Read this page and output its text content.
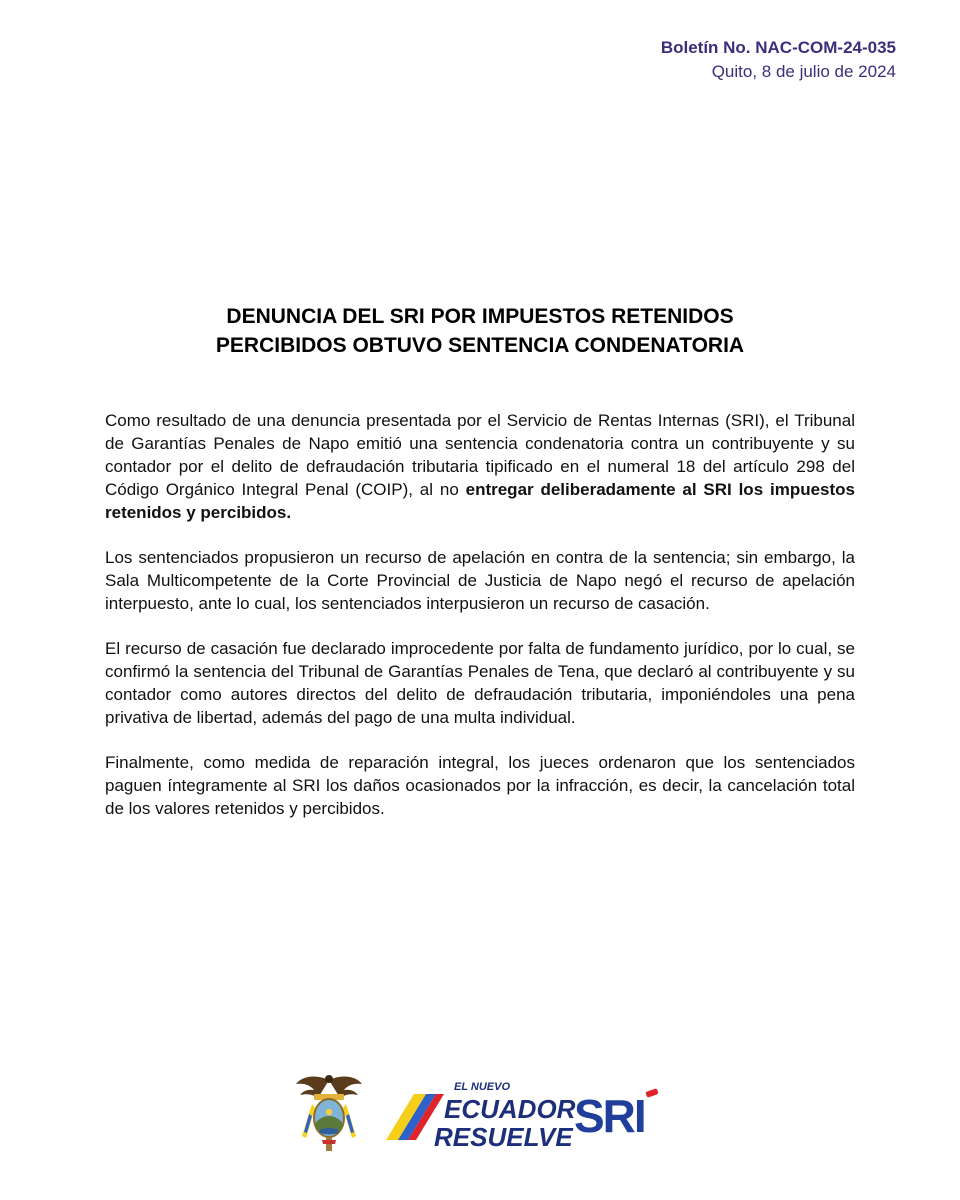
Boletín No. NAC-COM-24-035
Quito, 8 de julio de 2024
DENUNCIA DEL SRI POR IMPUESTOS RETENIDOS
PERCIBIDOS OBTUVO SENTENCIA CONDENATORIA

Como resultado de una denuncia presentada por el Servicio de Rentas Internas (SRI), el Tribunal de Garantías Penales de Napo emitió una sentencia condenatoria contra un contribuyente y su contador por el delito de defraudación tributaria tipificado en el numeral 18 del artículo 298 del Código Orgánico Integral Penal (COIP), al no entregar deliberadamente al SRI los impuestos retenidos y percibidos.

Los sentenciados propusieron un recurso de apelación en contra de la sentencia; sin embargo, la Sala Multicompetente de la Corte Provincial de Justicia de Napo negó el recurso de apelación interpuesto, ante lo cual, los sentenciados interpusieron un recurso de casación.

El recurso de casación fue declarado improcedente por falta de fundamento jurídico, por lo cual, se confirmó la sentencia del Tribunal de Garantías Penales de Tena, que declaró al contribuyente y su contador como autores directos del delito de defraudación tributaria, imponiéndoles una pena privativa de libertad, además del pago de una multa individual.

Finalmente, como medida de reparación integral, los jueces ordenaron que los sentenciados paguen íntegramente al SRI los daños ocasionados por la infracción, es decir, la cancelación total de los valores retenidos y percibidos.

EL NUEVO
ECUADOR
RESUELVE SRI
